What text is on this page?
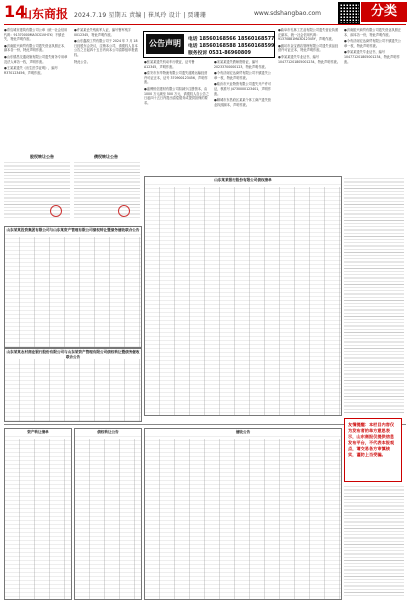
14
山东商报 2024.7.19 星期五 责编 | 崔凤玲 设计 | 贾珊珊	www.sdshangbao.com	分类

●青岛城市建筑有限公司公章（统一社会信用代码：91370000MA3CS1VH7X）不慎丢失，特此声明作废。

●济南振兴商贸有限公司遗失营业执照正本、副本各一份，特此声明作废。

●山东德昌交通设施有限公司遗失财务专用章及法人章各一枚，声明作废。

●王某某遗失《出生医学证明》，编号 R370123456，声明作废。

●许某某丢失残疾军人证，编号鲁军残字 0012345，特此声明作废。

●山东鑫源工贸有限公司于 2024 年 7 月 18 日经股东会决议，注销本公司，请债权人自本公告之日起四十五日内向本公司清算组申报债权。

特此公告。

公告声明	电话 18560168566 18560168577
电话 18560168588 18560168599
服务投诉 0531-86960809

●张某某遗失机动车行驶证，证号鲁 A12345，声明作废。

●泰安市东华物流有限公司遗失道路运输经营许可证正本，证号 370900123456，声明作废。

●淄博恒信建材有限公司拟减少注册资本，由 1000 万元减至 500 万元，请债权人自公告之日起四十五日内提出清偿债务或提供担保的要求。

●宋某某遗失教师资格证，编号 20233700000123，特此声明作废。

●今有济南宏达商贸有限公司不慎遗失公章一枚，特此声明作废。

●临沂市兴业物资有限公司遗失开户许可证，核准号 J4730000123401，声明作废。

●聊城市东昌府区某某个体工商户遗失营业执照副本，声明作废。

●曲阜市孔林工艺品有限公司遗失营业执照正副本，统一社会信用代码：91370881MA3D12345Y，声明作废。

●潍坊市金宝酒店管理有限公司遗失食品经营许可证正本，特此声明作废。

●李某某遗失毕业证书，编号 104771201805001234，特此声明作废。

●济南振兴商贸有限公司遗失营业执照正本、副本各一份，特此声明作废。

●今有济南宏达商贸有限公司不慎遗失公章一枚，特此声明作废。

●李某某遗失毕业证书，编号 104771201805001234，特此声明作废。

股权转让公告	债权转让公告
山东某某投资集团有限公司与山东某资产管理有限公司债权转让暨债务催收联合公告
山东某某农村商业银行股份有限公司与山东某资产管理有限公司债权转让暨债务催收联合公告
山东某某银行股份有限公司债权清单
资产转让清单	债权转让公告	催收公告
友情提醒：本栏目内容仅为发布者的单方意思表示，山东商报仅提供信息发布平台，不代表本报观点，请交易各方审慎核实，谨防上当受骗。
